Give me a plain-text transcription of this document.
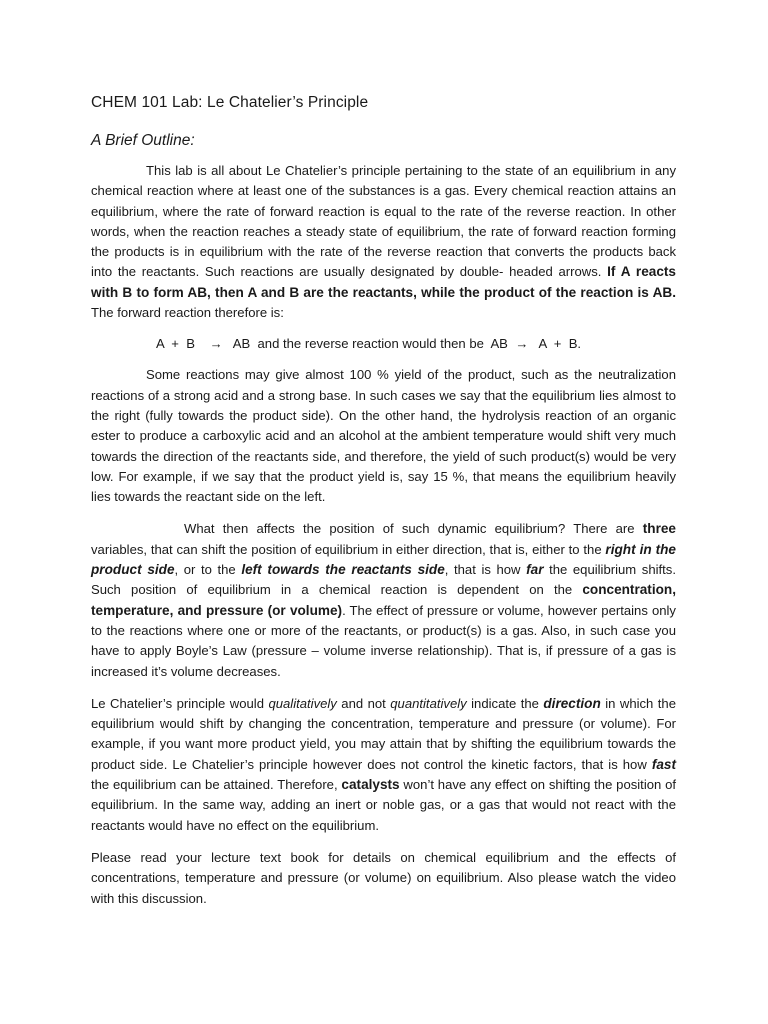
CHEM 101 Lab: Le Chatelier’s Principle
A Brief Outline:

This lab is all about Le Chatelier’s principle pertaining to the state of an equilibrium in any chemical reaction where at least one of the substances is a gas. Every chemical reaction attains an equilibrium, where the rate of forward reaction is equal to the rate of the reverse reaction. In other words, when the reaction reaches a steady state of equilibrium, the rate of forward reaction forming the products is in equilibrium with the rate of the reverse reaction that converts the products back into the reactants. Such reactions are usually designated by double- headed arrows. If A reacts with B to form AB, then A and B are the reactants, while the product of the reaction is AB. The forward reaction therefore is:

A  +  B    →   AB  and the reverse reaction would then be  AB  →   A  +  B.

Some reactions may give almost 100 % yield of the product, such as the neutralization reactions of a strong acid and a strong base. In such cases we say that the equilibrium lies almost to the right (fully towards the product side). On the other hand, the hydrolysis reaction of an organic ester to produce a carboxylic acid and an alcohol at the ambient temperature would shift very much towards the direction of the reactants side, and therefore, the yield of such product(s) would be very low. For example, if we say that the product yield is, say 15 %, that means the equilibrium heavily lies towards the reactant side on the left.

What then affects the position of such dynamic equilibrium? There are three variables, that can shift the position of equilibrium in either direction, that is, either to the right in the product side, or to the left towards the reactants side, that is how far the equilibrium shifts. Such position of equilibrium in a chemical reaction is dependent on the concentration, temperature, and pressure (or volume). The effect of pressure or volume, however pertains only to the reactions where one or more of the reactants, or product(s) is a gas. Also, in such case you have to apply Boyle’s Law (pressure – volume inverse relationship). That is, if pressure of a gas is increased it’s volume decreases.

Le Chatelier’s principle would qualitatively and not quantitatively indicate the direction in which the equilibrium would shift by changing the concentration, temperature and pressure (or volume). For example, if you want more product yield, you may attain that by shifting the equilibrium towards the product side. Le Chatelier’s principle however does not control the kinetic factors, that is how fast the equilibrium can be attained. Therefore, catalysts won’t have any effect on shifting the position of equilibrium. In the same way, adding an inert or noble gas, or a gas that would not react with the reactants would have no effect on the equilibrium.

Please read your lecture text book for details on chemical equilibrium and the effects of concentrations, temperature and pressure (or volume) on equilibrium. Also please watch the video with this discussion.
